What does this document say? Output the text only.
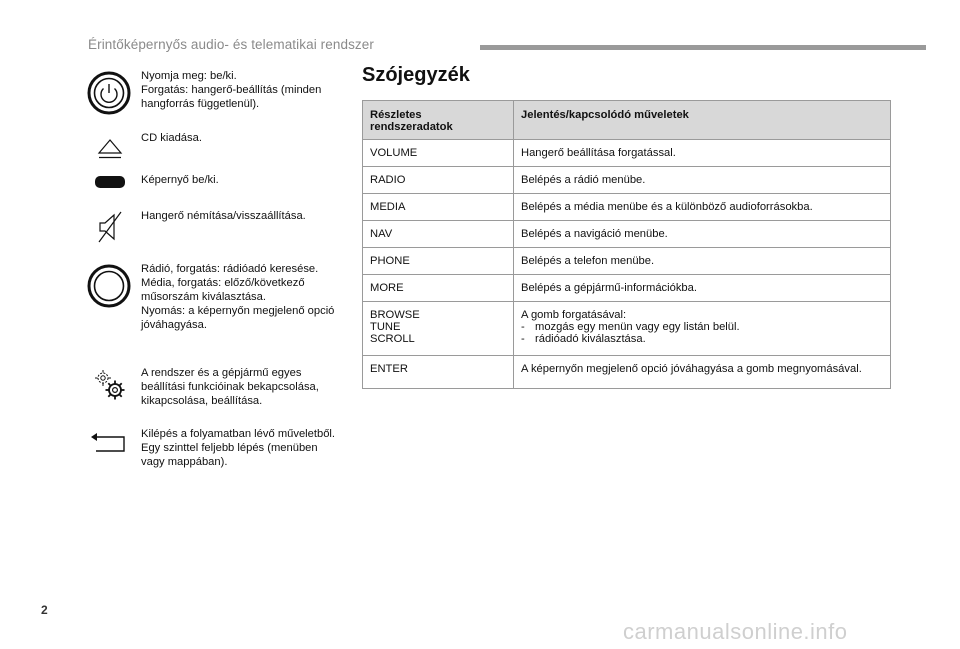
Érintőképernyős audio- és telematikai rendszer
Nyomja meg: be/ki.
Forgatás: hangerő-beállítás (minden
hangforrás függetlenül).
CD kiadása.
Képernyő be/ki.
Hangerő némítása/visszaállítása.
Rádió, forgatás: rádióadó keresése.
Média, forgatás: előző/következő
műsorszám kiválasztása.
Nyomás: a képernyőn megjelenő opció
jóváhagyása.
A rendszer és a gépjármű egyes
beállítási funkcióinak bekapcsolása,
kikapcsolása, beállítása.
Kilépés a folyamatban lévő műveletből.
Egy szinttel feljebb lépés (menüben
vagy mappában).
Szójegyzék
Részletes rendszeradatok	Jelentés/kapcsolódó műveletek
VOLUME	Hangerő beállítása forgatással.
RADIO	Belépés a rádió menübe.
MEDIA	Belépés a média menübe és a különböző audioforrásokba.
NAV	Belépés a navigáció menübe.
PHONE	Belépés a telefon menübe.
MORE	Belépés a gépjármű-információkba.

BROWSE
TUNE
SCROLL	A gomb forgatásával:
- mozgás egy menün vagy egy listán belül.
- rádióadó kiválasztása.

ENTER	A képernyőn megjelenő opció jóváhagyása a gomb megnyomásával.
2
carmanualsonline.info
